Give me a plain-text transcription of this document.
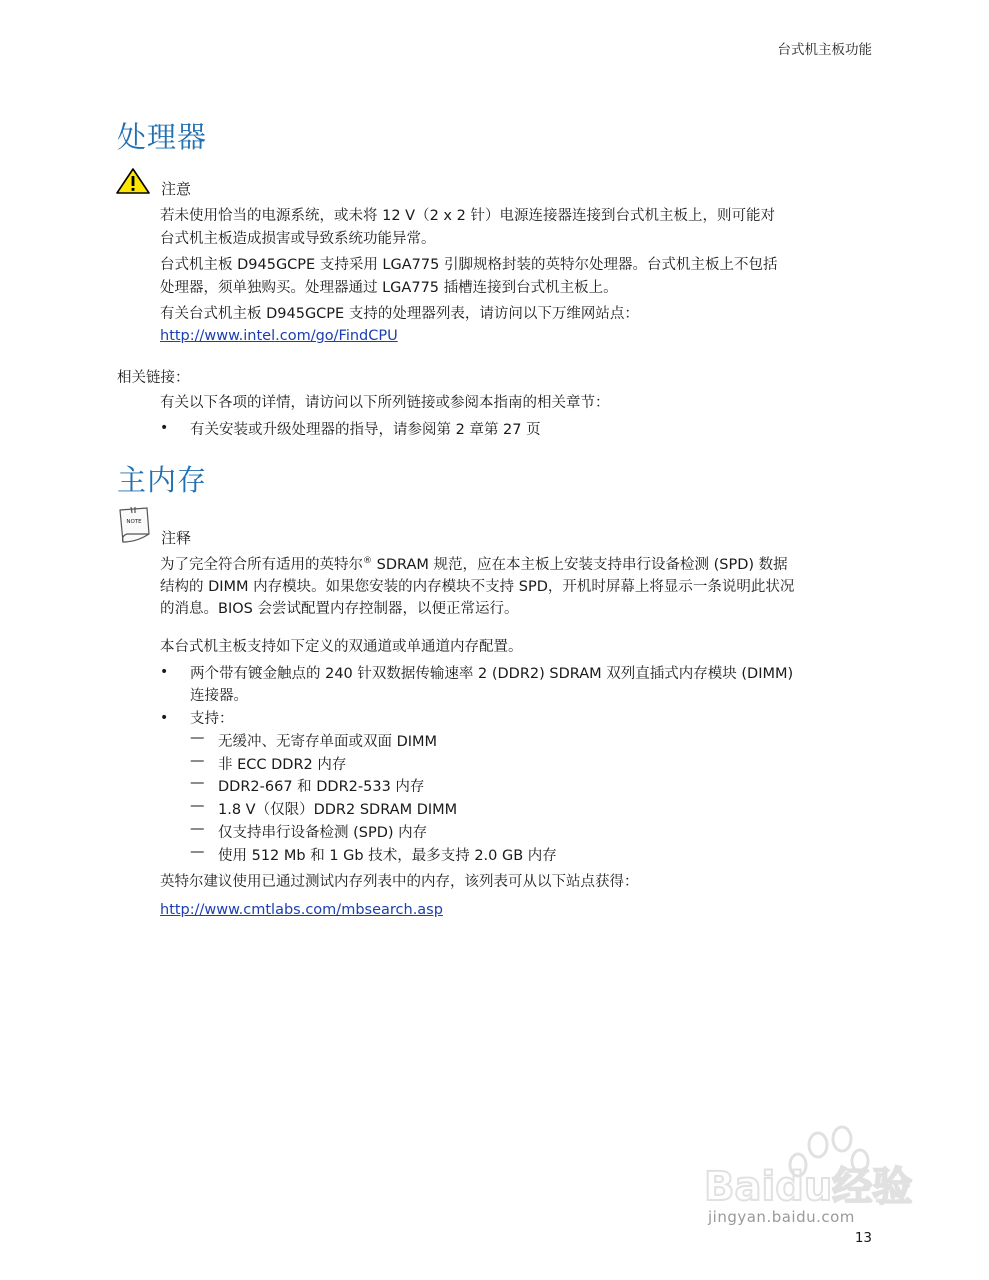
台式机主板功能
处理器
注意
若未使用恰当的电源系统，或未将 12 V（2 x 2 针）电源连接器连接到台式机主板上，则可能对
台式机主板造成损害或导致系统功能异常。
台式机主板 D945GCPE 支持采用 LGA775 引脚规格封装的英特尔处理器。台式机主板上不包括
处理器，须单独购买。处理器通过 LGA775 插槽连接到台式机主板上。
有关台式机主板 D945GCPE 支持的处理器列表，请访问以下万维网站点：
http://www.intel.com/go/FindCPU
相关链接：
有关以下各项的详情，请访问以下所列链接或参阅本指南的相关章节：
• 有关安装或升级处理器的指导，请参阅第 2 章第 27 页
主内存
NOTE
注释
为了完全符合所有适用的英特尔® SDRAM 规范，应在本主板上安装支持串行设备检测 (SPD) 数据
结构的 DIMM 内存模块。如果您安装的内存模块不支持 SPD，开机时屏幕上将显示一条说明此状况
的消息。BIOS 会尝试配置内存控制器，以便正常运行。
本台式机主板支持如下定义的双通道或单通道内存配置。
• 两个带有镀金触点的 240 针双数据传输速率 2 (DDR2) SDRAM 双列直插式内存模块 (DIMM)
连接器。
• 支持：
— 无缓冲、无寄存单面或双面 DIMM
— 非 ECC DDR2 内存
— DDR2-667 和 DDR2-533 内存
— 1.8 V（仅限）DDR2 SDRAM DIMM
— 仅支持串行设备检测 (SPD) 内存
— 使用 512 Mb 和 1 Gb 技术，最多支持 2.0 GB 内存
英特尔建议使用已通过测试内存列表中的内存，该列表可从以下站点获得：
http://www.cmtlabs.com/mbsearch.asp
Baidu经验
jingyan.baidu.com
13
